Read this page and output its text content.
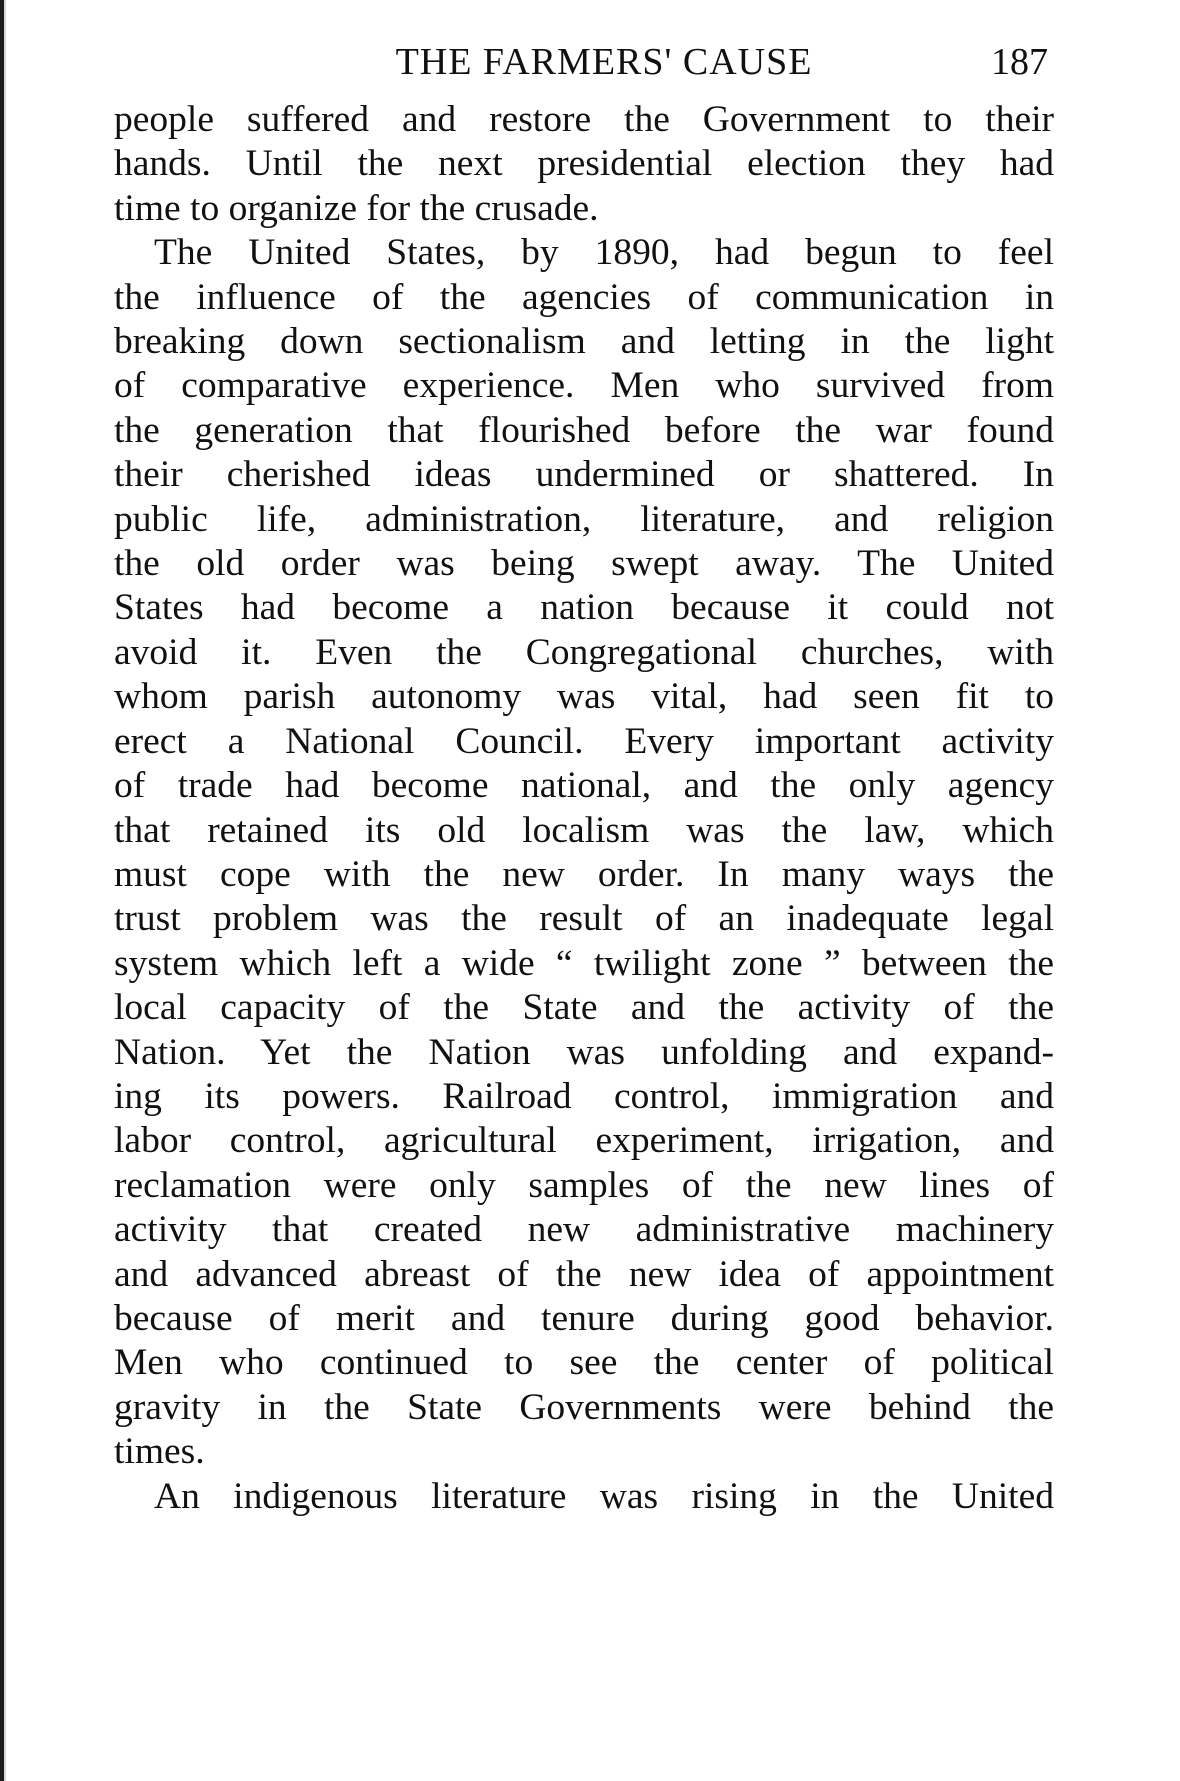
THE FARMERS' CAUSE	187
people suffered and restore the Government to their
hands. Until the next presidential election they had
time to organize for the crusade.
The United States, by 1890, had begun to feel
the influence of the agencies of communication in
breaking down sectionalism and letting in the light
of comparative experience. Men who survived from
the generation that flourished before the war found
their cherished ideas undermined or shattered. In
public life, administration, literature, and religion
the old order was being swept away. The United
States had become a nation because it could not
avoid it. Even the Congregational churches, with
whom parish autonomy was vital, had seen fit to
erect a National Council. Every important activity
of trade had become national, and the only agency
that retained its old localism was the law, which
must cope with the new order. In many ways the
trust problem was the result of an inadequate legal
system which left a wide “ twilight zone ” between the
local capacity of the State and the activity of the
Nation. Yet the Nation was unfolding and expand-
ing its powers. Railroad control, immigration and
labor control, agricultural experiment, irrigation, and
reclamation were only samples of the new lines of
activity that created new administrative machinery
and advanced abreast of the new idea of appointment
because of merit and tenure during good behavior.
Men who continued to see the center of political
gravity in the State Governments were behind the
times.
An indigenous literature was rising in the United
